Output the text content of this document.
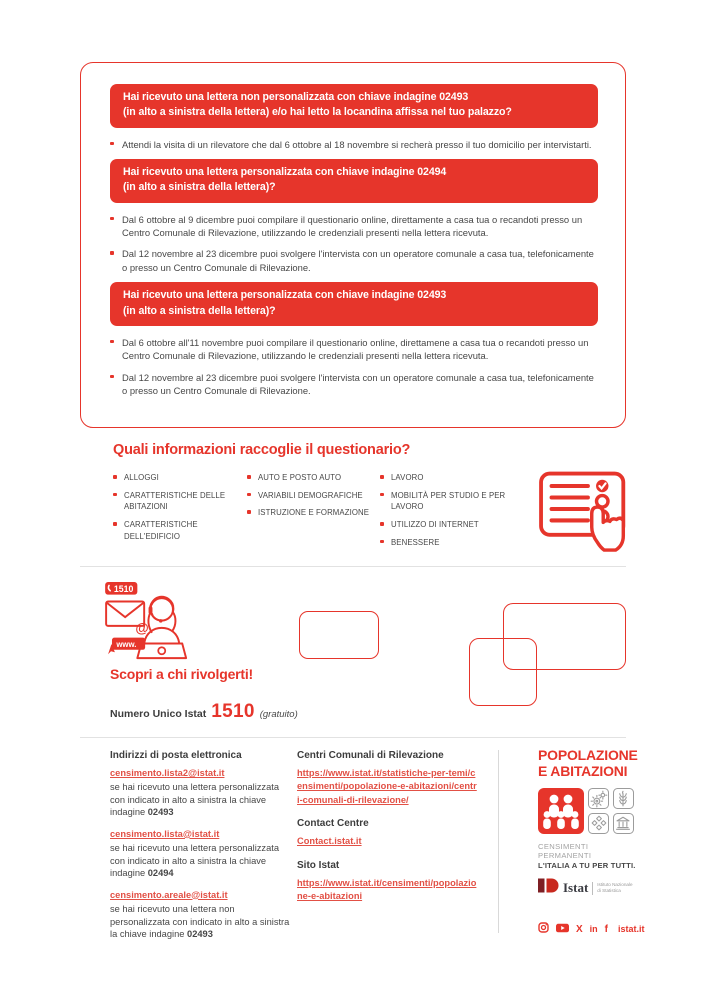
Hai ricevuto una lettera non personalizzata con chiave indagine 02493
(in alto a sinistra della lettera) e/o hai letto la locandina affissa nel tuo palazzo?
Attendi la visita di un rilevatore che dal 6 ottobre al 18 novembre si recherà presso il tuo domicilio per intervistarti.
Hai ricevuto una lettera personalizzata con chiave indagine 02494
(in alto a sinistra della lettera)?
Dal 6 ottobre al 9 dicembre puoi compilare il questionario online, direttamente a casa tua o recandoti presso un Centro Comunale di Rilevazione, utilizzando le credenziali presenti nella lettera ricevuta.
Dal 12 novembre al 23 dicembre puoi svolgere l'intervista con un operatore comunale a casa tua, telefonicamente o presso un Centro Comunale di Rilevazione.
Hai ricevuto una lettera personalizzata con chiave indagine 02493
(in alto a sinistra della lettera)?
Dal 6 ottobre all'11 novembre puoi compilare il questionario online, direttamene a casa tua o recandoti presso un Centro Comunale di Rilevazione, utilizzando le credenziali presenti nella lettera ricevuta.
Dal 12 novembre al 23 dicembre puoi svolgere l'intervista con un operatore comunale a casa tua, telefonicamente o presso un Centro Comunale di Rilevazione.
Quali informazioni raccoglie il questionario?
ALLOGGI
CARATTERISTICHE DELLE ABITAZIONI
CARATTERISTICHE DELL'EDIFICIO
AUTO E POSTO AUTO
VARIABILI DEMOGRAFICHE
ISTRUZIONE E FORMAZIONE
LAVORO
MOBILITÀ PER STUDIO E PER LAVORO
UTILIZZO DI INTERNET
BENESSERE
1510
@
www.
Scopri a chi rivolgerti!
Numero Unico Istat 1510 (gratuito)
Indirizzi di posta elettronica
censimento.lista2@istat.it
se hai ricevuto una lettera personalizzata con indicato in alto a sinistra la chiave indagine 02493
censimento.lista@istat.it
se hai ricevuto una lettera personalizzata con indicato in alto a sinistra la chiave indagine 02494
censimento.areale@istat.it
se hai ricevuto una lettera non personalizzata con indicato in alto a sinistra la chiave indagine 02493
Centri Comunali di Rilevazione
https://www.istat.it/statistiche-per-temi/censimenti/popolazione-e-abitazioni/centri-comunali-di-rilevazione/
Contact Centre
Contact.istat.it
Sito Istat
https://www.istat.it/censimenti/popolazione-e-abitazioni
POPOLAZIONE
E ABITAZIONI
CENSIMENTI PERMANENTI
L'ITALIA A TU PER TUTTI.
Istat Istituto Nazionale
di Statistica
X in f istat.it
